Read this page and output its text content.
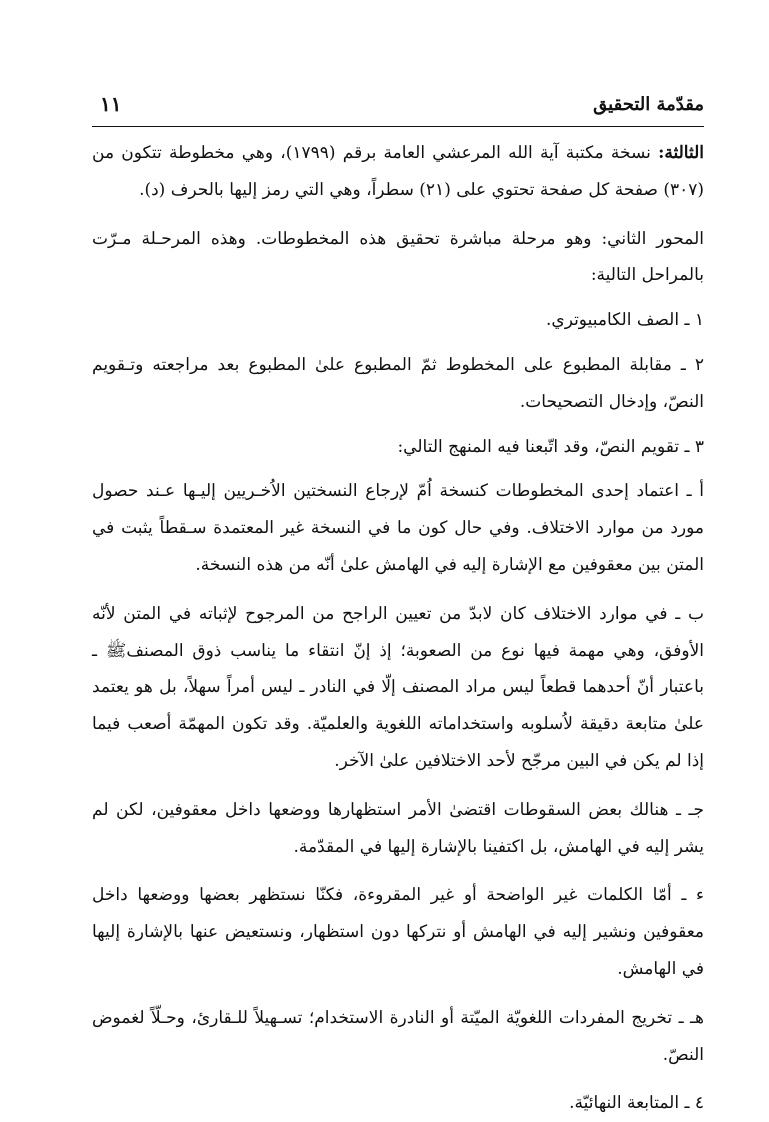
مقدّمة التحقيق
١١

الثالثة: نسخة مكتبة آية الله المرعشي العامة برقم (١٧٩٩)، وهي مخطوطة تتكون من (٣٠٧) صفحة كل صفحة تحتوي على (٢١) سطراً، وهي التي رمز إليها بالحرف (د).

المحور الثاني: وهو مرحلة مباشرة تحقيق هذه المخطوطات. وهذه المرحـلة مـرّت بالمراحل التالية:

١ ـ الصف الكامبيوتري.

٢ ـ مقابلة المطبوع على المخطوط ثمّ المطبوع علىٰ المطبوع بعد مراجعته وتـقويم النصّ، وإدخال التصحيحات.

٣ ـ تقويم النصّ، وقد اتّبعنا فيه المنهج التالي:

أ ـ اعتماد إحدى المخطوطات كنسخة اُمّ لإرجاع النسختين الاُخـريين إليـها عـند حصول مورد من موارد الاختلاف. وفي حال كون ما في النسخة غير المعتمدة سـقطاً يثبت في المتن بين معقوفين مع الإشارة إليه في الهامش علىٰ أنّه من هذه النسخة.

ب ـ في موارد الاختلاف كان لابدّ من تعيين الراجح من المرجوح لإثباته في المتن لأنّه الأوفق، وهي مهمة فيها نوع من الصعوبة؛ إذ إنّ انتقاء ما يناسب ذوق المصنفﷺ ـ باعتبار أنّ أحدهما قطعاً ليس مراد المصنف إلّا في النادر ـ ليس أمراً سهلاً، بل هو يعتمد علىٰ متابعة دقيقة لاُسلوبه واستخداماته اللغوية والعلميّة. وقد تكون المهمّة أصعب فيما إذا لم يكن في البين مرجّح لأحد الاختلافين علىٰ الآخر.

جـ ـ هنالك بعض السقوطات اقتضىٰ الأمر استظهارها ووضعها داخل معقوفين، لكن لم يشر إليه في الهامش، بل اكتفينا بالإشارة إليها في المقدّمة.

ء ـ أمّا الكلمات غير الواضحة أو غير المقروءة، فكنّا نستظهر بعضها ووضعها داخل معقوفين ونشير إليه في الهامش أو نتركها دون استظهار، ونستعيض عنها بالإشارة إليها في الهامش.

هـ ـ تخريج المفردات اللغويّة الميّتة أو النادرة الاستخدام؛ تسـهيلاً للـقارئ، وحـلّاً لغموض النصّ.

٤ ـ المتابعة النهائيّة.
